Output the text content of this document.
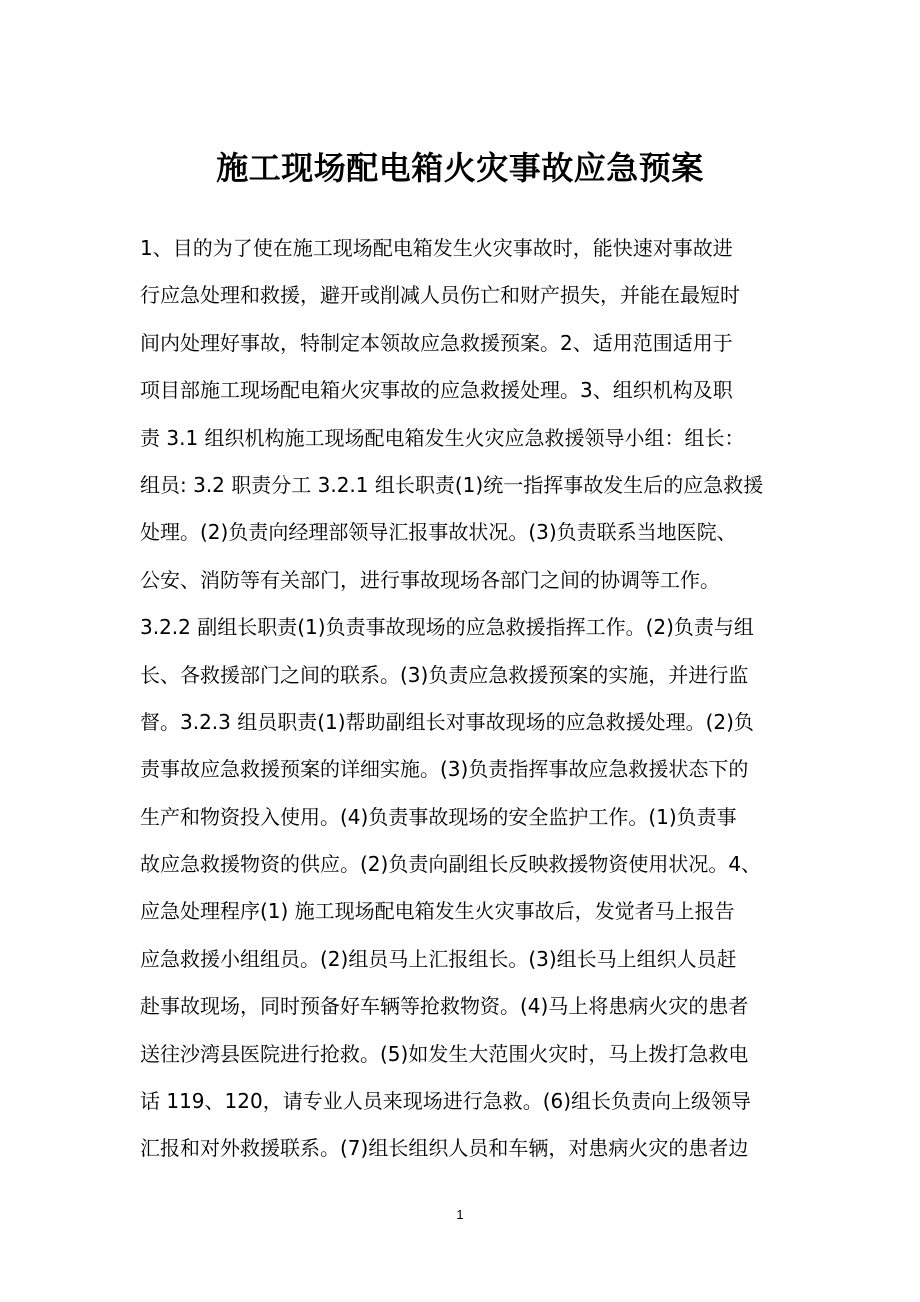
施工现场配电箱火灾事故应急预案
1、目的为了使在施工现场配电箱发生火灾事故时，能快速对事故进
行应急处理和救援，避开或削减人员伤亡和财产损失，并能在最短时
间内处理好事故，特制定本领故应急救援预案。2、适用范围适用于
项目部施工现场配电箱火灾事故的应急救援处理。3、组织机构及职
责 3.1 组织机构施工现场配电箱发生火灾应急救援领导小组：组长：
组员: 3.2 职责分工 3.2.1 组长职责(1)统一指挥事故发生后的应急救援
处理。(2)负责向经理部领导汇报事故状况。(3)负责联系当地医院、
公安、消防等有关部门，进行事故现场各部门之间的协调等工作。
3.2.2 副组长职责(1)负责事故现场的应急救援指挥工作。(2)负责与组
长、各救援部门之间的联系。(3)负责应急救援预案的实施，并进行监
督。3.2.3 组员职责(1)帮助副组长对事故现场的应急救援处理。(2)负
责事故应急救援预案的详细实施。(3)负责指挥事故应急救援状态下的
生产和物资投入使用。(4)负责事故现场的安全监护工作。(1)负责事
故应急救援物资的供应。(2)负责向副组长反映救援物资使用状况。4、
应急处理程序(1) 施工现场配电箱发生火灾事故后，发觉者马上报告
应急救援小组组员。(2)组员马上汇报组长。(3)组长马上组织人员赶
赴事故现场，同时预备好车辆等抢救物资。(4)马上将患病火灾的患者
送往沙湾县医院进行抢救。(5)如发生大范围火灾时，马上拨打急救电
话 119、120，请专业人员来现场进行急救。(6)组长负责向上级领导
汇报和对外救援联系。(7)组长组织人员和车辆，对患病火灾的患者边
1
